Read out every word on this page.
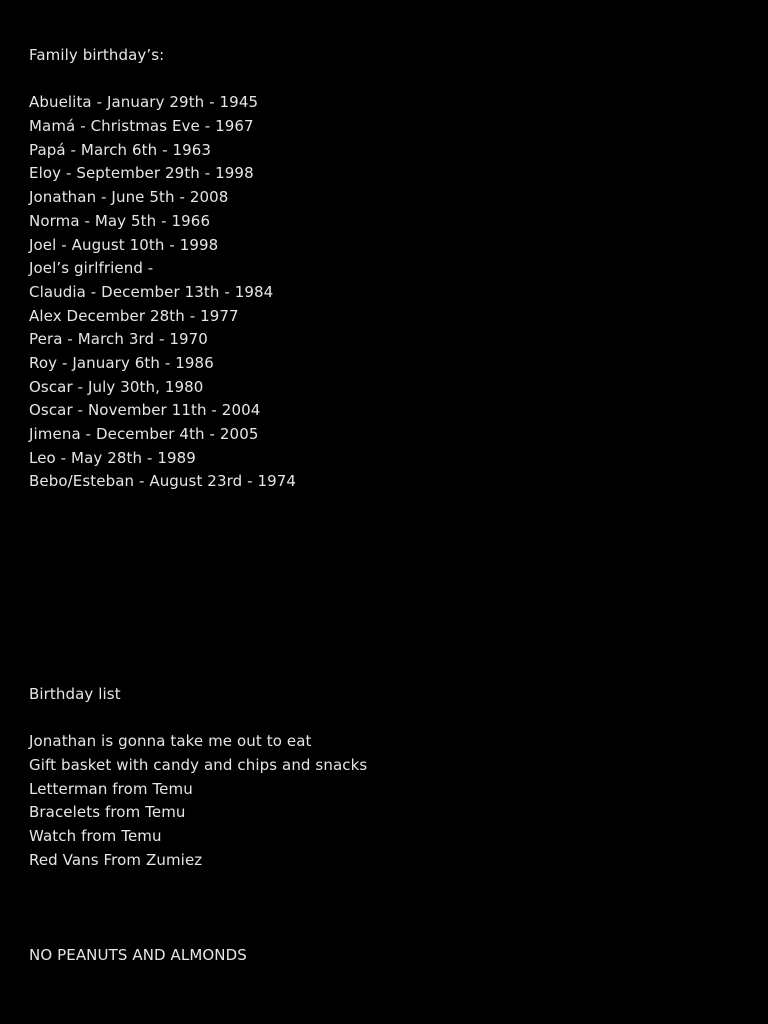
Family birthday’s:
Abuelita - January 29th - 1945
Mamá - Christmas Eve - 1967
Papá - March 6th - 1963
Eloy - September 29th - 1998
Jonathan - June 5th - 2008
Norma - May 5th - 1966
Joel - August 10th - 1998
Joel’s girlfriend -
Claudia - December 13th - 1984
Alex December 28th - 1977
Pera - March 3rd - 1970
Roy - January 6th - 1986
Oscar - July 30th, 1980
Oscar - November 11th - 2004
Jimena - December 4th - 2005
Leo - May 28th - 1989
Bebo/Esteban - August 23rd - 1974
Birthday list
Jonathan is gonna take me out to eat
Gift basket with candy and chips and snacks
Letterman from Temu
Bracelets from Temu
Watch from Temu
Red Vans From Zumiez
NO PEANUTS AND ALMONDS
